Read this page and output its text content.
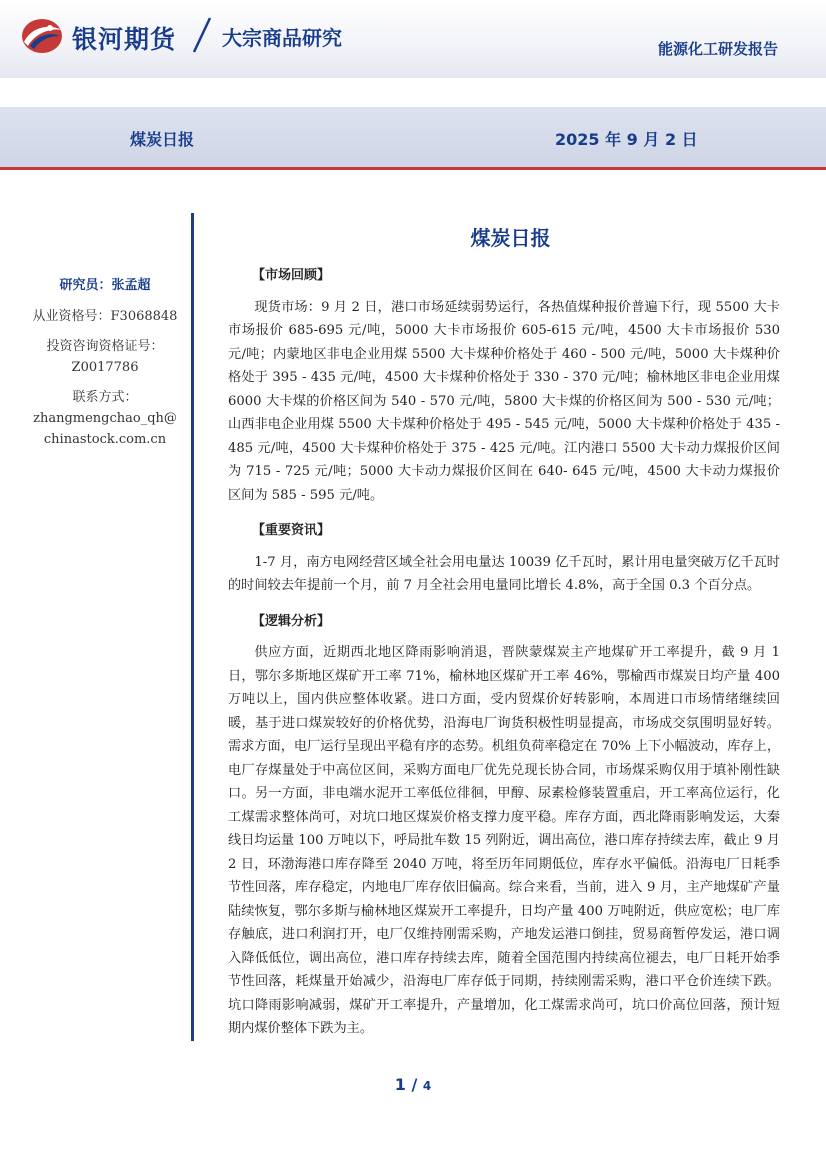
银河期货 大宗商品研究	能源化工研发报告
煤炭日报	2025 年 9 月 2 日
研究员：张孟超
从业资格号：F3068848
投资咨询资格证号：
Z0017786
联系方式：
zhangmengchao_qh@
chinastock.com.cn
煤炭日报
【市场回顾】

现货市场：9 月 2 日，港口市场延续弱势运行，各热值煤种报价普遍下行，现 5500 大卡市场报价 685-695 元/吨，5000 大卡市场报价 605-615 元/吨，4500 大卡市场报价 530 元/吨；内蒙地区非电企业用煤 5500 大卡煤种价格处于 460 - 500 元/吨，5000 大卡煤种价格处于 395 - 435 元/吨，4500 大卡煤种价格处于 330 - 370 元/吨；榆林地区非电企业用煤 6000 大卡煤的价格区间为 540 - 570 元/吨，5800 大卡煤的价格区间为 500 - 530 元/吨；山西非电企业用煤 5500 大卡煤种价格处于 495 - 545 元/吨，5000 大卡煤种价格处于 435 - 485 元/吨，4500 大卡煤种价格处于 375 - 425 元/吨。江内港口 5500 大卡动力煤报价区间为 715 - 725 元/吨；5000 大卡动力煤报价区间在 640- 645 元/吨，4500 大卡动力煤报价区间为 585 - 595 元/吨。

【重要资讯】

1-7 月，南方电网经营区域全社会用电量达 10039 亿千瓦时，累计用电量突破万亿千瓦时的时间较去年提前一个月，前 7 月全社会用电量同比增长 4.8%，高于全国 0.3 个百分点。

【逻辑分析】

供应方面，近期西北地区降雨影响消退，晋陕蒙煤炭主产地煤矿开工率提升，截 9 月 1 日，鄂尔多斯地区煤矿开工率 71%，榆林地区煤矿开工率 46%，鄂榆西市煤炭日均产量 400 万吨以上，国内供应整体收紧。进口方面，受内贸煤价好转影响，本周进口市场情绪继续回暖，基于进口煤炭较好的价格优势，沿海电厂询货积极性明显提高，市场成交氛围明显好转。需求方面，电厂运行呈现出平稳有序的态势。机组负荷率稳定在 70% 上下小幅波动，库存上，电厂存煤量处于中高位区间，采购方面电厂优先兑现长协合同，市场煤采购仅用于填补刚性缺口。另一方面，非电端水泥开工率低位徘徊，甲醇、尿素检修装置重启，开工率高位运行，化工煤需求整体尚可，对坑口地区煤炭价格支撑力度平稳。库存方面，西北降雨影响发运，大秦线日均运量 100 万吨以下，呼局批车数 15 列附近，调出高位，港口库存持续去库，截止 9 月 2 日，环渤海港口库存降至 2040 万吨，将至历年同期低位，库存水平偏低。沿海电厂日耗季节性回落，库存稳定，内地电厂库存依旧偏高。综合来看，当前，进入 9 月，主产地煤矿产量陆续恢复，鄂尔多斯与榆林地区煤炭开工率提升，日均产量 400 万吨附近，供应宽松；电厂库存触底，进口利润打开，电厂仅维持刚需采购，产地发运港口倒挂，贸易商暂停发运，港口调入降低低位，调出高位，港口库存持续去库，随着全国范围内持续高位褪去，电厂日耗开始季节性回落，耗煤量开始减少，沿海电厂库存低于同期，持续刚需采购，港口平仓价连续下跌。坑口降雨影响减弱，煤矿开工率提升，产量增加，化工煤需求尚可，坑口价高位回落，预计短期内煤价整体下跌为主。

1 / 4
